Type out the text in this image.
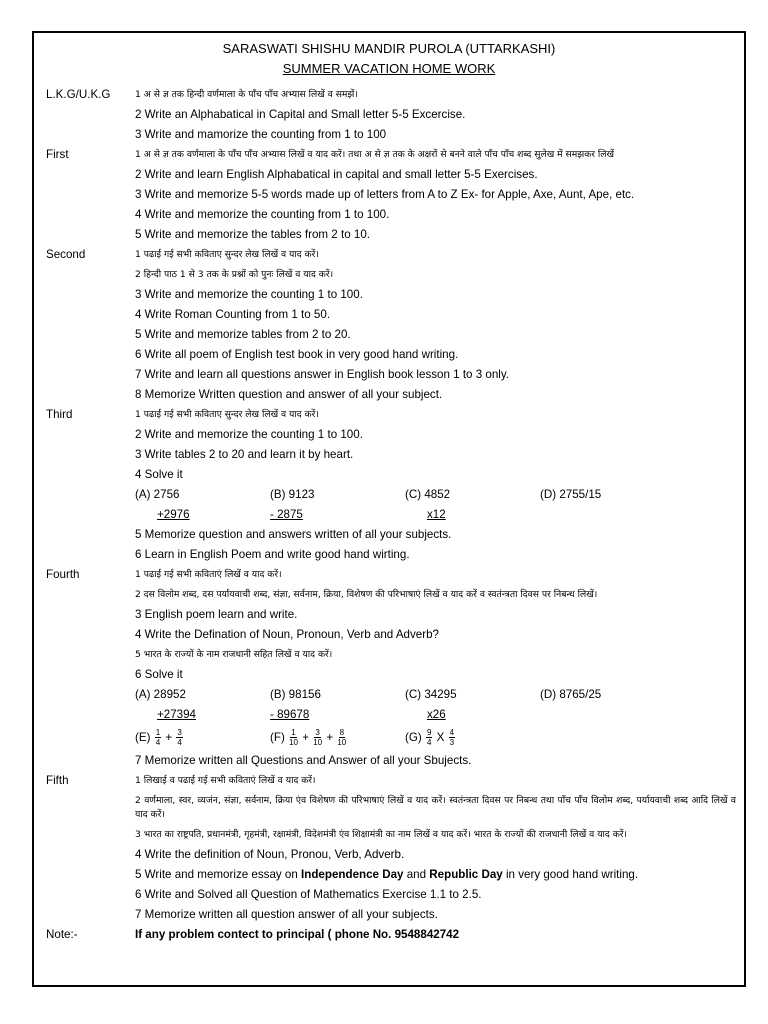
SARASWATI SHISHU MANDIR PUROLA (UTTARKASHI)
SUMMER VACATION HOME WORK
L.K.G/U.K.G	1 अ से ज्ञ तक हिन्दी वर्णमाला के पाँच पाँच अभ्यास लिखें व समझें।
2 Write an Alphabatical in Capital and Small letter 5-5 Excercise.
3 Write and mamorize the counting from 1 to 100
First	1 अ से ज्ञ तक वर्णमाला के पाँच पाँच अभ्यास लिखें व याद करें। तथा अ से ज्ञ तक के अक्षरों से बनने वाले पाँच पाँच शब्द सुलेख में समझकर लिखें
2 Write and learn English Alphabatical in capital and small letter 5-5 Exercises.
3 Write and memorize 5-5 words made up of letters from A to Z Ex- for Apple, Axe, Aunt, Ape, etc.
4 Write and memorize the counting from 1 to 100.
5 Write and memorize the tables from 2 to 10.
Second	1 पढाई गई सभी कविताए सुन्दर लेख लिखें व याद करें।
2 हिन्दी पाठ 1 से 3 तक के प्रश्नों को पुनः लिखें व याद करें।
3 Write and memorize the counting 1 to 100.
4 Write Roman Counting from 1 to 50.
5 Write and memorize tables from 2 to 20.
6 Write all poem of English test book in very good hand writing.
7 Write and learn all questions answer in English book lesson 1 to 3 only.
8 Memorize Written question and answer of all your subject.
Third	1 पढाई गई सभी कविताए सुन्दर लेख लिखें व याद करें।
2 Write and memorize the counting 1 to 100.
3 Write tables 2 to 20 and learn it by heart.
4 Solve it
(A) 2756	(B) 9123	(C) 4852	(D) 2755/15
+2976	- 2875	x12
5 Memorize question and answers written of all your subjects.
6 Learn in English Poem and write good hand wirting.
Fourth	1 पढाई गई सभी कविताएं लिखें व याद करें।
2 दस विलोम शब्द, दस पर्यायवाची शब्द, संज्ञा, सर्वनाम, क्रिया, विशेषण की परिभाषाएं लिखें व याद करें व स्वतंन्त्रता दिवस पर निबन्ध लिखें।
3 English poem learn and write.
4 Write the Defination of Noun, Pronoun, Verb and Adverb?
5 भारत के राज्यों के नाम राजधानी सहित लिखें व याद करें।
6 Solve it
(A) 28952	(B) 98156	(C) 34295	(D) 8765/25
+27394	- 89678	x26
$(E) \frac{1}{4} + \frac{3}{4}$	$(F) \frac{1}{10} + \frac{3}{10} + \frac{8}{10}$	$(G) \frac{9}{4}$ X $\frac{4}{3}$
7 Memorize written all Questions and Answer of all your Sbujects.
Fifth	1 लिखाई व पढाई गई सभी कविताएं लिखें व याद करें।
2 वर्णमाला, स्वर, व्यजंन, संज्ञा, सर्वनाम, क्रिया एंव विशेषण की परिभाषाएं लिखें व याद करें। स्वतंन्त्रता दिवस पर निबन्ध तथा पाँच पाँच विलोम शब्द, पर्यायवाची शब्द आदि लिखें व याद करें।
3 भारत का राष्ट्रपति, प्रधानमंत्री, गृहमंत्री, रक्षामंत्री, विदेशमंत्री एंव शिक्षामंत्री का नाम लिखें व याद करें। भारत के राज्यों की राजधानी लिखें व याद करें।
4 Write the definition of Noun, Pronou, Verb, Adverb.
5 Write and memorize essay on Independence Day and Republic Day in very good hand writing.
6 Write and Solved all Question of Mathematics Exercise 1.1 to 2.5.
7 Memorize written all question answer of all your subjects.
Note:-	If any problem contect to principal ( phone No. 9548842742
